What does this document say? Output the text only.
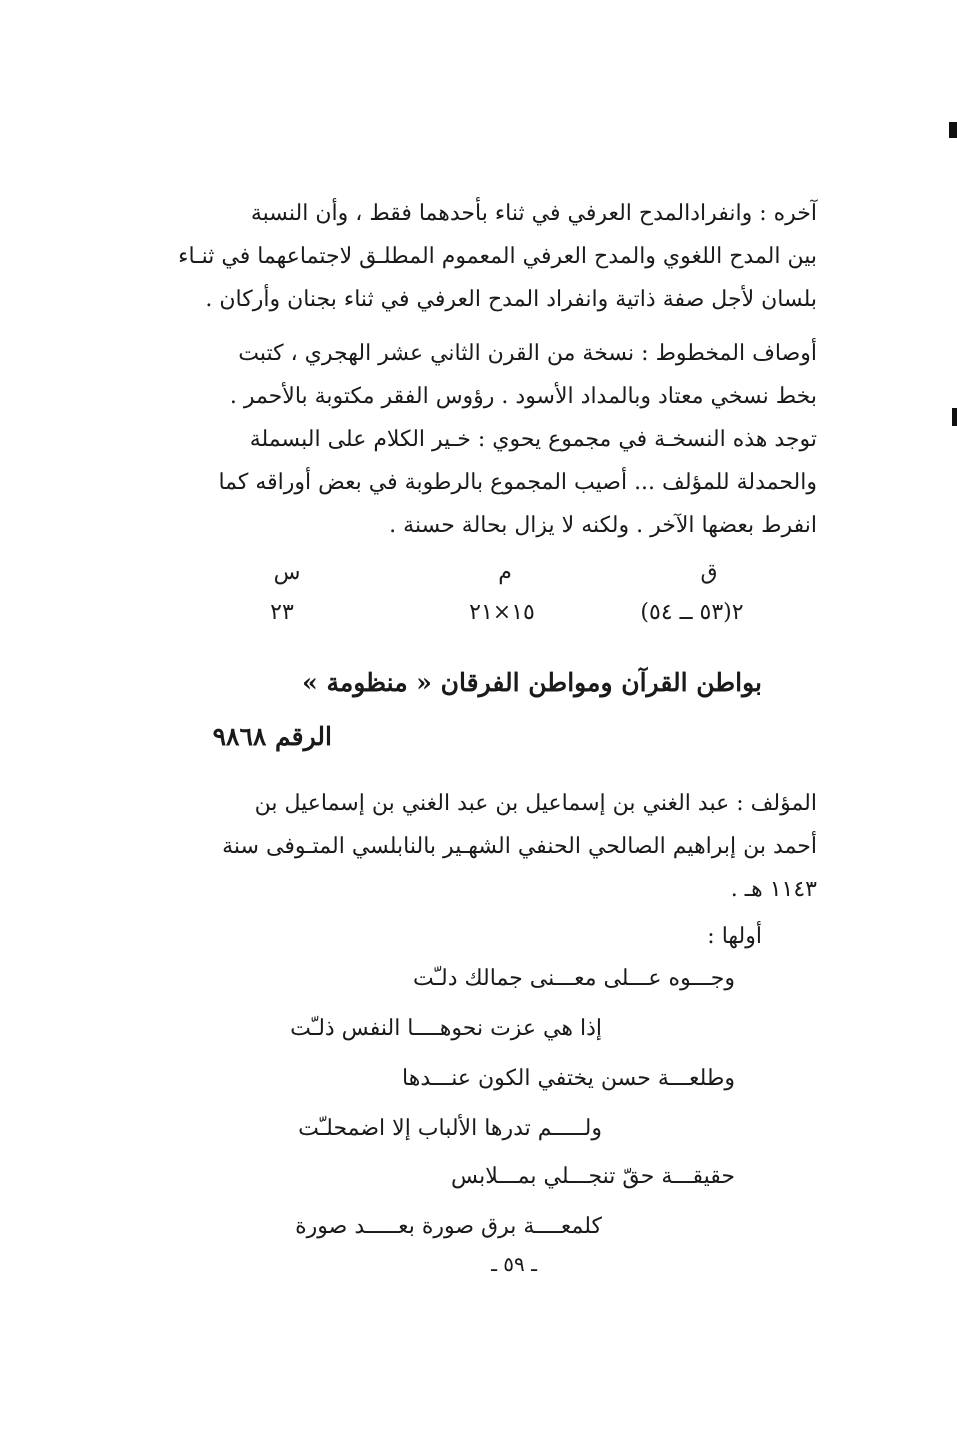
آخره : وانفرادالمدح العرفي في ثناء بأحدهما فقط ، وأن النسبة

بين المدح اللغوي والمدح العرفي المعموم المطلـق لاجتماعهما في ثنـاء

بلسان لأجل صفة ذاتية وانفراد المدح العرفي في ثناء بجنان وأركان .

أوصاف المخطوط : نسخة من القرن الثاني عشر الهجري ، كتبت

بخط نسخي معتاد وبالمداد الأسود . رؤوس الفقر مكتوبة بالأحمر .

توجد هذه النسخـة في مجموع يحوي : خـير الكلام على البسملة

والحمدلة للمؤلف ... أصيب المجموع بالرطوبة في بعض أوراقه كما

انفرط بعضها الآخر . ولكنه لا يزال بحالة حسنة .

ق
م
س
٢(٥٣ ــ ٥٤)
١٥×٢١
٢٣
بواطن القرآن ومواطن الفرقان « منظومة »
الرقم ٩٨٦٨

المؤلف : عبد الغني بن إسماعيل بن عبد الغني بن إسماعيل بن

أحمد بن إبراهيم الصالحي الحنفي الشهـير بالنابلسي المتـوفى سنة

١١٤٣ هـ .

أولها :
وجـــوه عـــلى معـــنى جمالك دلـّت
إذا هي عزت نحوهــــا النفس ذلـّت
وطلعـــة حسن يختفي الكون عنـــدها
ولـــــم تدرها الألباب إلا اضمحلـّت
حقيقـــة حقّ تنجـــلي بمـــلابس
كلمعــــة برق صورة بعـــــد صورة
ـ ٥٩ ـ
